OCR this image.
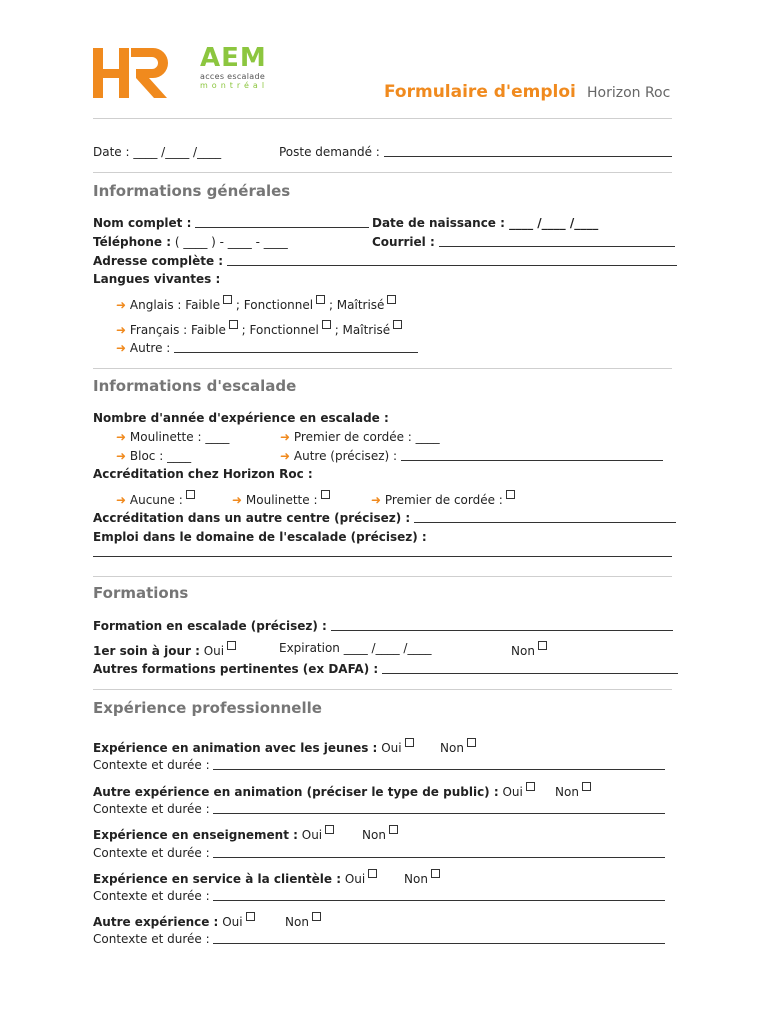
AEM
acces escalade
montréal	Formulaire d'emploi Horizon Roc
Date : ____ /____ /____	Poste demandé :
Informations générales
Nom complet :	Date de naissance : ____ /____ /____
Téléphone : ( ____ ) - ____ - ____	Courriel :
Adresse complète :
Langues vivantes :
➜ Anglais : Faible ; Fonctionnel ; Maîtrisé
➜ Français : Faible ; Fonctionnel ; Maîtrisé
➜ Autre :
Informations d'escalade
Nombre d'année d'expérience en escalade :
➜ Moulinette : ____	➜ Premier de cordée : ____
➜ Bloc : ____	➜ Autre (précisez) :
Accréditation chez Horizon Roc :
➜ Aucune :	➜ Moulinette :	➜ Premier de cordée :
Accréditation dans un autre centre (précisez) :
Emploi dans le domaine de l'escalade (précisez) :
Formations
Formation en escalade (précisez) :
1er soin à jour : Oui	Expiration ____ /____ /____	Non
Autres formations pertinentes (ex DAFA) :
Expérience professionnelle
Expérience en animation avec les jeunes : Oui	Non
Contexte et durée :
Autre expérience en animation (préciser le type de public) : Oui	Non
Contexte et durée :
Expérience en enseignement : Oui	Non
Contexte et durée :
Expérience en service à la clientèle : Oui	Non
Contexte et durée :
Autre expérience : Oui	Non
Contexte et durée :
